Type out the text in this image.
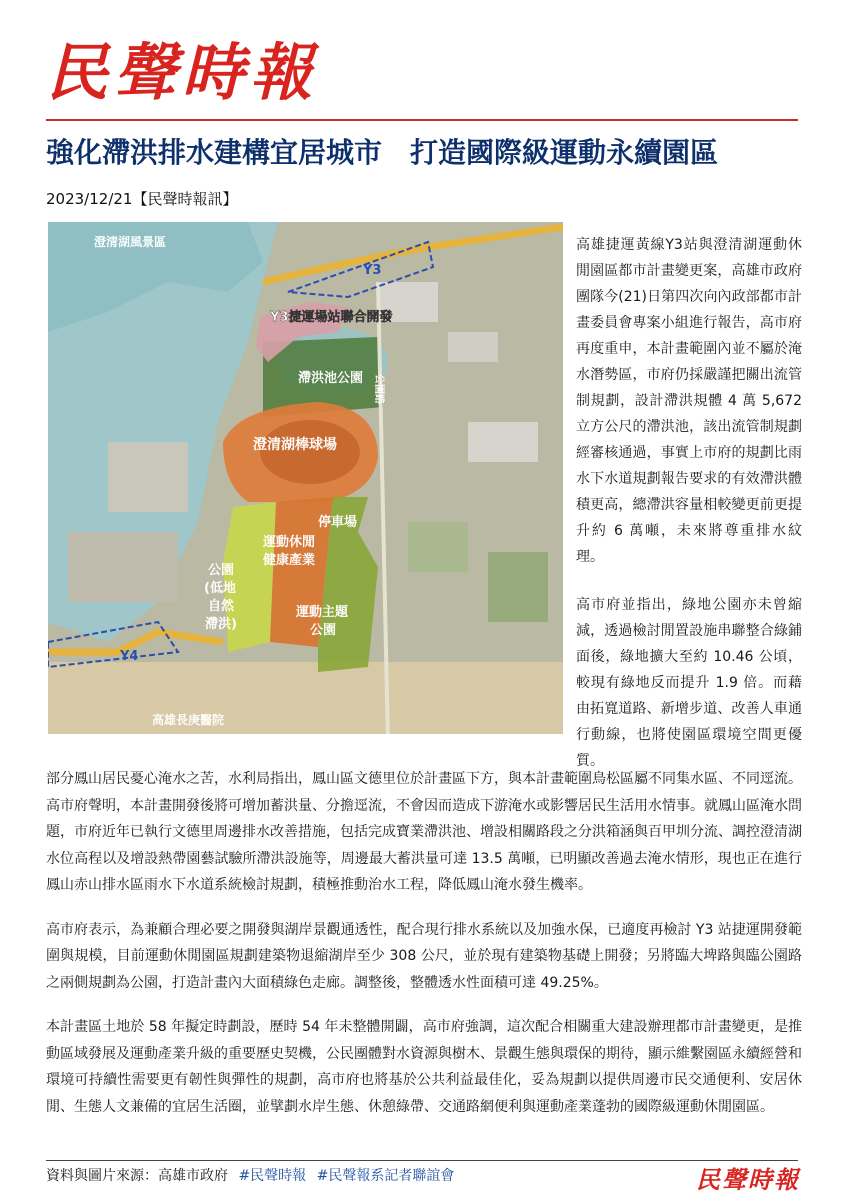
民聲時報
強化滯洪排水建構宜居城市　打造國際級運動永續園區
2023/12/21【民聲時報訊】
澄清湖風景區
Y3
Y3捷運場站聯合開發
滯洪池公園 公園路
澄清湖棒球場
停車場
運動休閒
健康產業
公園
(低地
自然
滯洪)
運動主題
公園
Y4
高雄長庚醫院

高雄捷運黃線Y3站與澄清湖運動休閒園區都市計畫變更案，高雄市政府團隊今(21)日第四次向內政部都市計畫委員會專案小組進行報告，高市府再度重申，本計畫範圍內並不屬於淹水潛勢區，市府仍採嚴謹把關出流管制規劃，設計滯洪規體 4 萬 5,672 立方公尺的滯洪池，該出流管制規劃經審核通過，事實上市府的規劃比雨水下水道規劃報告要求的有效滯洪體積更高，總滯洪容量相較變更前更提升約 6 萬噸，未來將尊重排水紋理。

高市府並指出，綠地公園亦未曾縮減，透過檢討閒置設施串聯整合綠鋪面後，綠地擴大至約 10.46 公頃，較現有綠地反而提升 1.9 倍。而藉由拓寬道路、新增步道、改善人車通行動線，也將使園區環境空間更優質。

部分鳳山居民憂心淹水之苦，水利局指出，鳳山區文德里位於計畫區下方，與本計畫範圍鳥松區屬不同集水區、不同逕流。高市府聲明，本計畫開發後將可增加蓄洪量、分擔逕流，不會因而造成下游淹水或影響居民生活用水情事。就鳳山區淹水問題，市府近年已執行文德里周邊排水改善措施，包括完成寶業滯洪池、增設相關路段之分洪箱涵與百甲圳分流、調控澄清湖水位高程以及增設熱帶園藝試驗所滯洪設施等，周邊最大蓄洪量可達 13.5 萬噸，已明顯改善過去淹水情形，現也正在進行鳳山赤山排水區雨水下水道系統檢討規劃，積極推動治水工程，降低鳳山淹水發生機率。

高市府表示，為兼顧合理必要之開發與湖岸景觀通透性，配合現行排水系統以及加強水保，已適度再檢討 Y3 站捷運開發範圍與規模，目前運動休閒園區規劃建築物退縮湖岸至少 308 公尺，並於現有建築物基礎上開發；另將臨大埤路與臨公園路之兩側規劃為公園，打造計畫內大面積綠色走廊。調整後，整體透水性面積可達 49.25%。

本計畫區土地於 58 年擬定時劃設，歷時 54 年未整體開闢，高市府強調，這次配合相關重大建設辦理都市計畫變更，是推動區域發展及運動產業升級的重要歷史契機，公民團體對水資源與樹木、景觀生態與環保的期待，顯示維繫園區永續經營和環境可持續性需要更有韌性與彈性的規劃，高市府也將基於公共利益最佳化，妥為規劃以提供周邊市民交通便利、安居休閒、生態人文兼備的宜居生活圈，並擘劃水岸生態、休憩綠帶、交通路網便利與運動產業蓬勃的國際級運動休閒園區。

資料與圖片來源：高雄市政府 #民聲時報 #民聲報系記者聯誼會	民聲時報
